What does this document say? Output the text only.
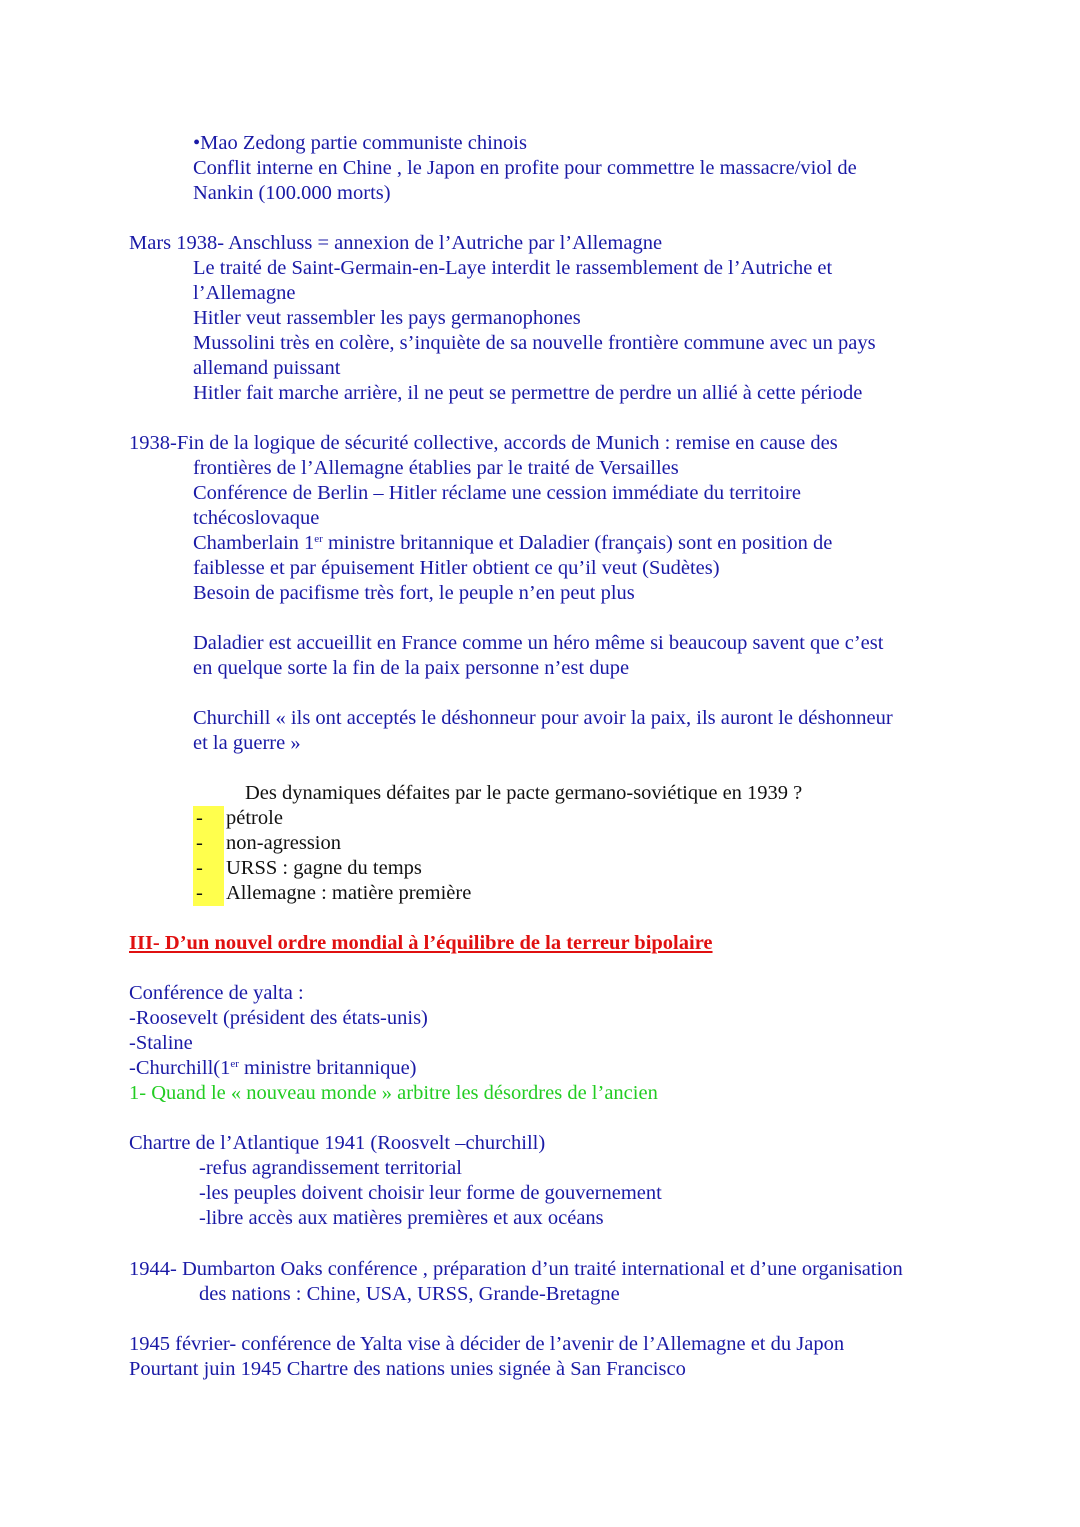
•Mao Zedong partie communiste chinois
Conflit interne en Chine , le Japon en profite pour commettre le massacre/viol de
Nankin (100.000 morts)
Mars 1938- Anschluss = annexion de l’Autriche par l’Allemagne
Le traité de Saint-Germain-en-Laye interdit le rassemblement de l’Autriche et
l’Allemagne
Hitler veut rassembler les pays germanophones
Mussolini très en colère, s’inquiète de sa nouvelle frontière commune avec un pays
allemand puissant
Hitler fait marche arrière, il ne peut se permettre de perdre un allié à cette période
1938-Fin de la logique de sécurité collective, accords de Munich : remise en cause des
frontières de l’Allemagne établies par le traité de Versailles
Conférence de Berlin – Hitler réclame une cession immédiate du territoire
tchécoslovaque
Chamberlain 1er ministre britannique et Daladier (français) sont en position de
faiblesse et par épuisement Hitler obtient ce qu’il veut (Sudètes)
Besoin de pacifisme très fort, le peuple n’en peut plus
Daladier est accueillit en France comme un héro même si beaucoup savent que c’est
en quelque sorte la fin de la paix personne n’est dupe
Churchill « ils ont acceptés le déshonneur pour avoir la paix, ils auront le déshonneur
et la guerre »
Des dynamiques défaites par le pacte germano-soviétique en 1939 ?
- pétrole
- non-agression
- URSS : gagne du temps
- Allemagne : matière première
III- D’un nouvel ordre mondial à l’équilibre de la terreur bipolaire
Conférence de yalta :
-Roosevelt (président des états-unis)
-Staline
-Churchill(1er ministre britannique)
1- Quand le « nouveau monde » arbitre les désordres de l’ancien
Chartre de l’Atlantique 1941 (Roosvelt –churchill)
-refus agrandissement territorial
-les peuples doivent choisir leur forme de gouvernement
-libre accès aux matières premières et aux océans
1944- Dumbarton Oaks conférence , préparation d’un traité international et d’une organisation
des nations : Chine, USA, URSS, Grande-Bretagne
1945 février- conférence de Yalta vise à décider de l’avenir de l’Allemagne et du Japon
Pourtant juin 1945 Chartre des nations unies signée à San Francisco
